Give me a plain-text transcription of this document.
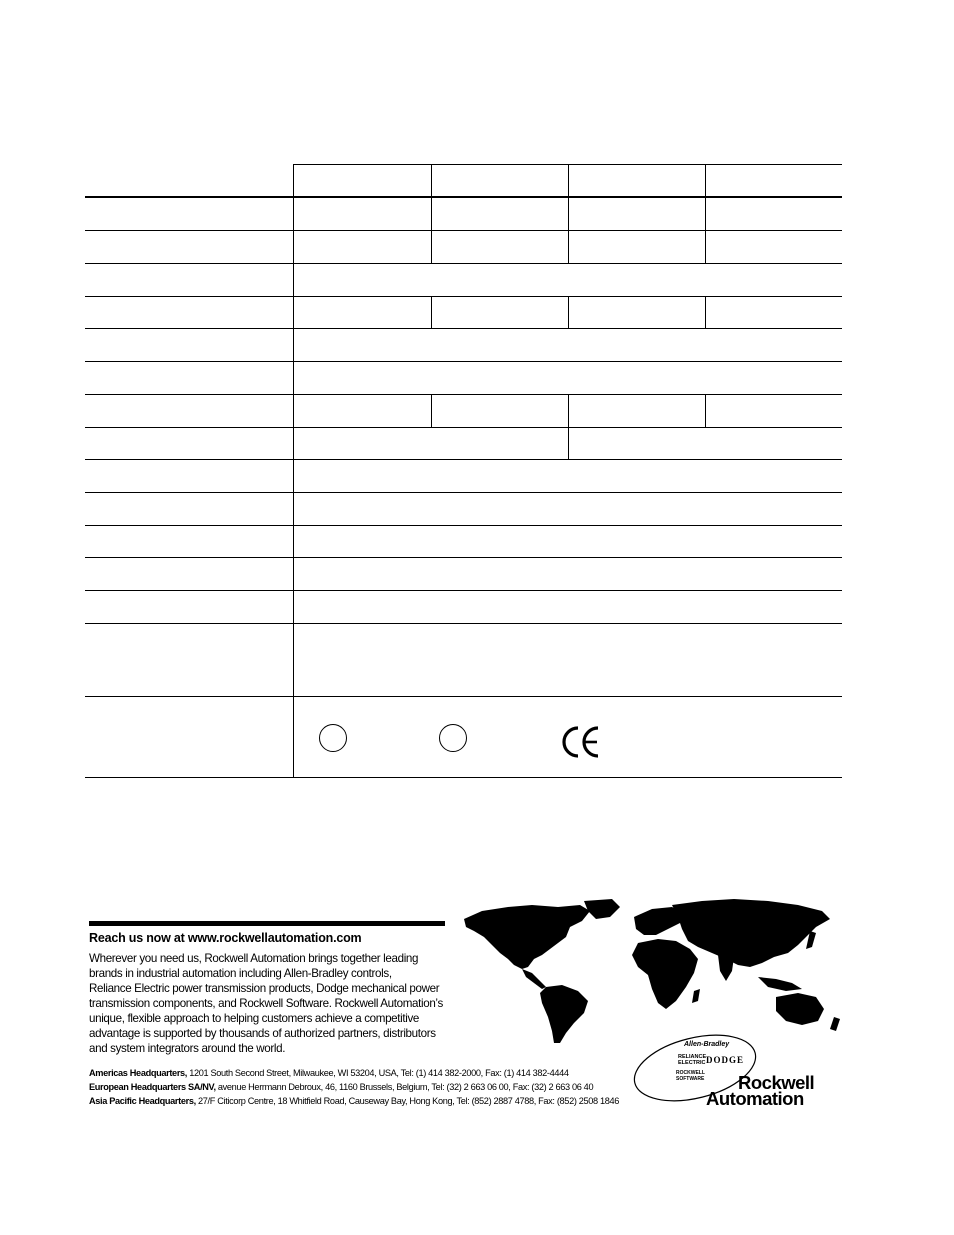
Reach us now at www.rockwellautomation.com
Wherever you need us, Rockwell Automation brings together leading
brands in industrial automation including Allen-Bradley controls,
Reliance Electric power transmission products, Dodge mechanical power
transmission components, and Rockwell Software. Rockwell Automation’s
unique, flexible approach to helping customers achieve a competitive
advantage is supported by thousands of authorized partners, distributors
and system integrators around the world.
Americas Headquarters, 1201 South Second Street, Milwaukee, WI 53204, USA, Tel: (1) 414 382-2000, Fax: (1) 414 382-4444
European Headquarters SA/NV, avenue Herrmann Debroux, 46, 1160 Brussels, Belgium, Tel: (32) 2 663 06 00, Fax: (32) 2 663 06 40
Asia Pacific Headquarters, 27/F Citicorp Centre, 18 Whitfield Road, Causeway Bay, Hong Kong, Tel: (852) 2887 4788, Fax: (852) 2508 1846
Allen-Bradley
RELIANCE ELECTRIC DODGE
ROCKWELL SOFTWARE Rockwell
Automation
